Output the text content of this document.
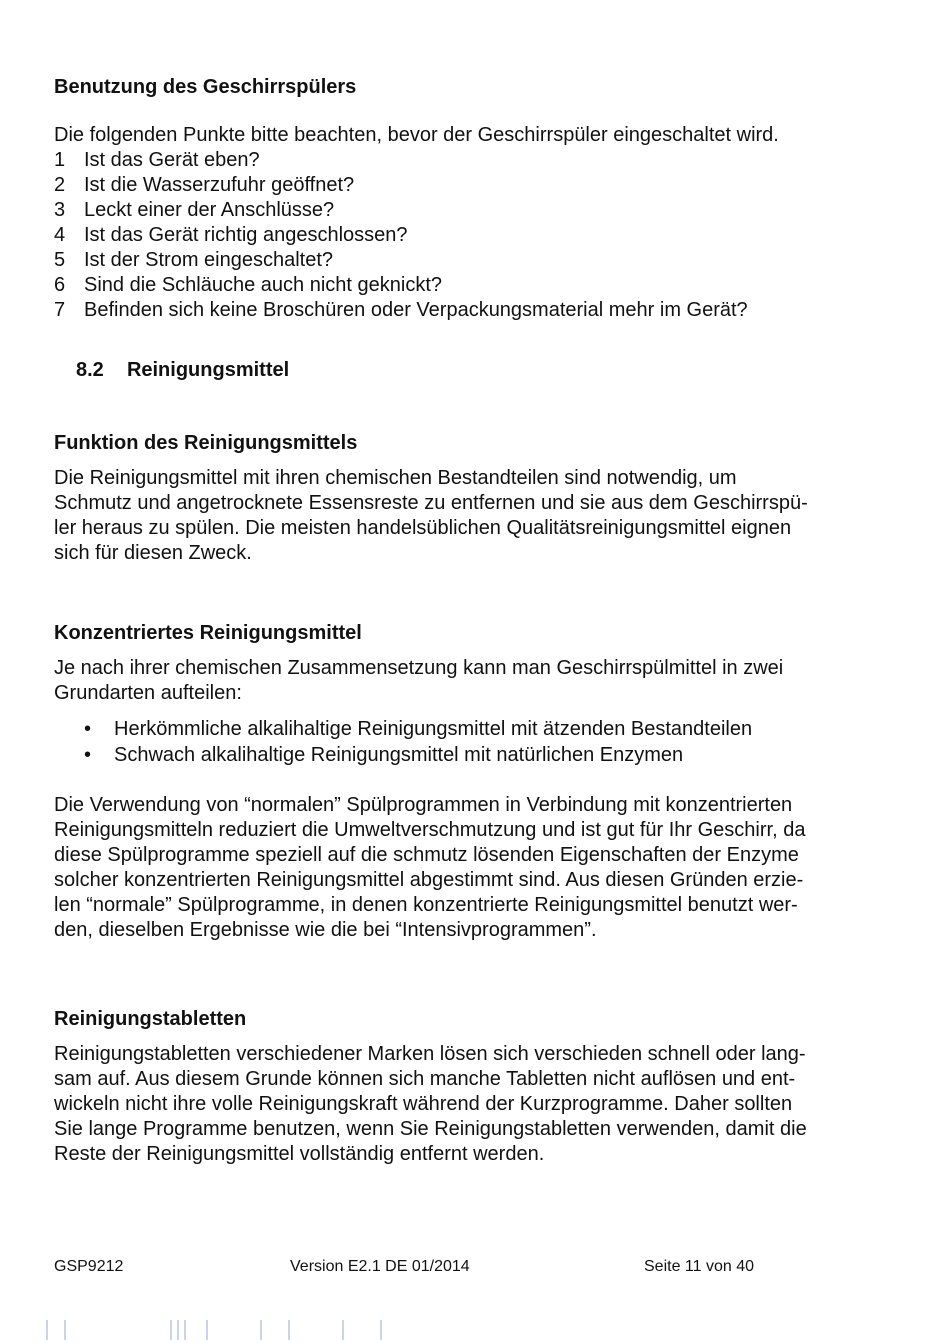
Benutzung des Geschirrspülers

Die folgenden Punkte bitte beachten, bevor der Geschirrspüler eingeschaltet wird.

1 Ist das Gerät eben?
2 Ist die Wasserzufuhr geöffnet?
3 Leckt einer der Anschlüsse?
4 Ist das Gerät richtig angeschlossen?
5 Ist der Strom eingeschaltet?
6 Sind die Schläuche auch nicht geknickt?
7 Befinden sich keine Broschüren oder Verpackungsmaterial mehr im Gerät?
8.2 Reinigungsmittel
Funktion des Reinigungsmittels

Die Reinigungsmittel mit ihren chemischen Bestandteilen sind notwendig, um
Schmutz und angetrocknete Essensreste zu entfernen und sie aus dem Geschirrspü-
ler heraus zu spülen. Die meisten handelsüblichen Qualitätsreinigungsmittel eignen
sich für diesen Zweck.

Konzentriertes Reinigungsmittel

Je nach ihrer chemischen Zusammensetzung kann man Geschirrspülmittel in zwei
Grundarten aufteilen:

• Herkömmliche alkalihaltige Reinigungsmittel mit ätzenden Bestandteilen
• Schwach alkalihaltige Reinigungsmittel mit natürlichen Enzymen

Die Verwendung von “normalen” Spülprogrammen in Verbindung mit konzentrierten
Reinigungsmitteln reduziert die Umweltverschmutzung und ist gut für Ihr Geschirr, da
diese Spülprogramme speziell auf die schmutz lösenden Eigenschaften der Enzyme
solcher konzentrierten Reinigungsmittel abgestimmt sind. Aus diesen Gründen erzie-
len “normale” Spülprogramme, in denen konzentrierte Reinigungsmittel benutzt wer-
den, dieselben Ergebnisse wie die bei “Intensivprogrammen”.

Reinigungstabletten

Reinigungstabletten verschiedener Marken lösen sich verschieden schnell oder lang-
sam auf. Aus diesem Grunde können sich manche Tabletten nicht auflösen und ent-
wickeln nicht ihre volle Reinigungskraft während der Kurzprogramme. Daher sollten
Sie lange Programme benutzen, wenn Sie Reinigungstabletten verwenden, damit die
Reste der Reinigungsmittel vollständig entfernt werden.

GSP9212	Version E2.1 DE 01/2014	Seite 11 von 40
